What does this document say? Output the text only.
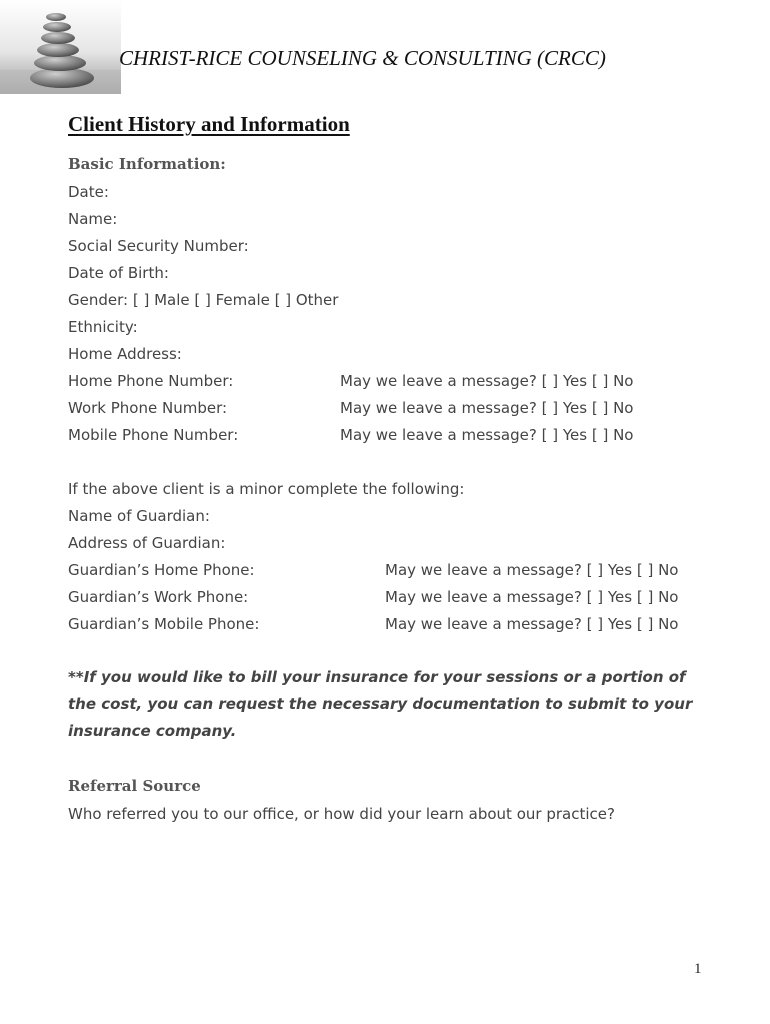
CHRIST-RICE COUNSELING & CONSULTING (CRCC)
Client History and Information
Basic Information:
Date:
Name:
Social Security Number:
Date of Birth:
Gender: [ ] Male [ ] Female [ ] Other
Ethnicity:
Home Address:
Home Phone Number:	May we leave a message? [ ] Yes [ ] No
Work Phone Number:	May we leave a message? [ ] Yes [ ] No
Mobile Phone Number:	May we leave a message? [ ] Yes [ ] No
If the above client is a minor complete the following:
Name of Guardian:
Address of Guardian:
Guardian’s Home Phone:	May we leave a message? [ ] Yes [ ] No
Guardian’s Work Phone:	May we leave a message? [ ] Yes [ ] No
Guardian’s Mobile Phone:	May we leave a message? [ ] Yes [ ] No
**If you would like to bill your insurance for your sessions or a portion of the cost, you can request the necessary documentation to submit to your insurance company.
Referral Source
Who referred you to our office, or how did your learn about our practice?
1
